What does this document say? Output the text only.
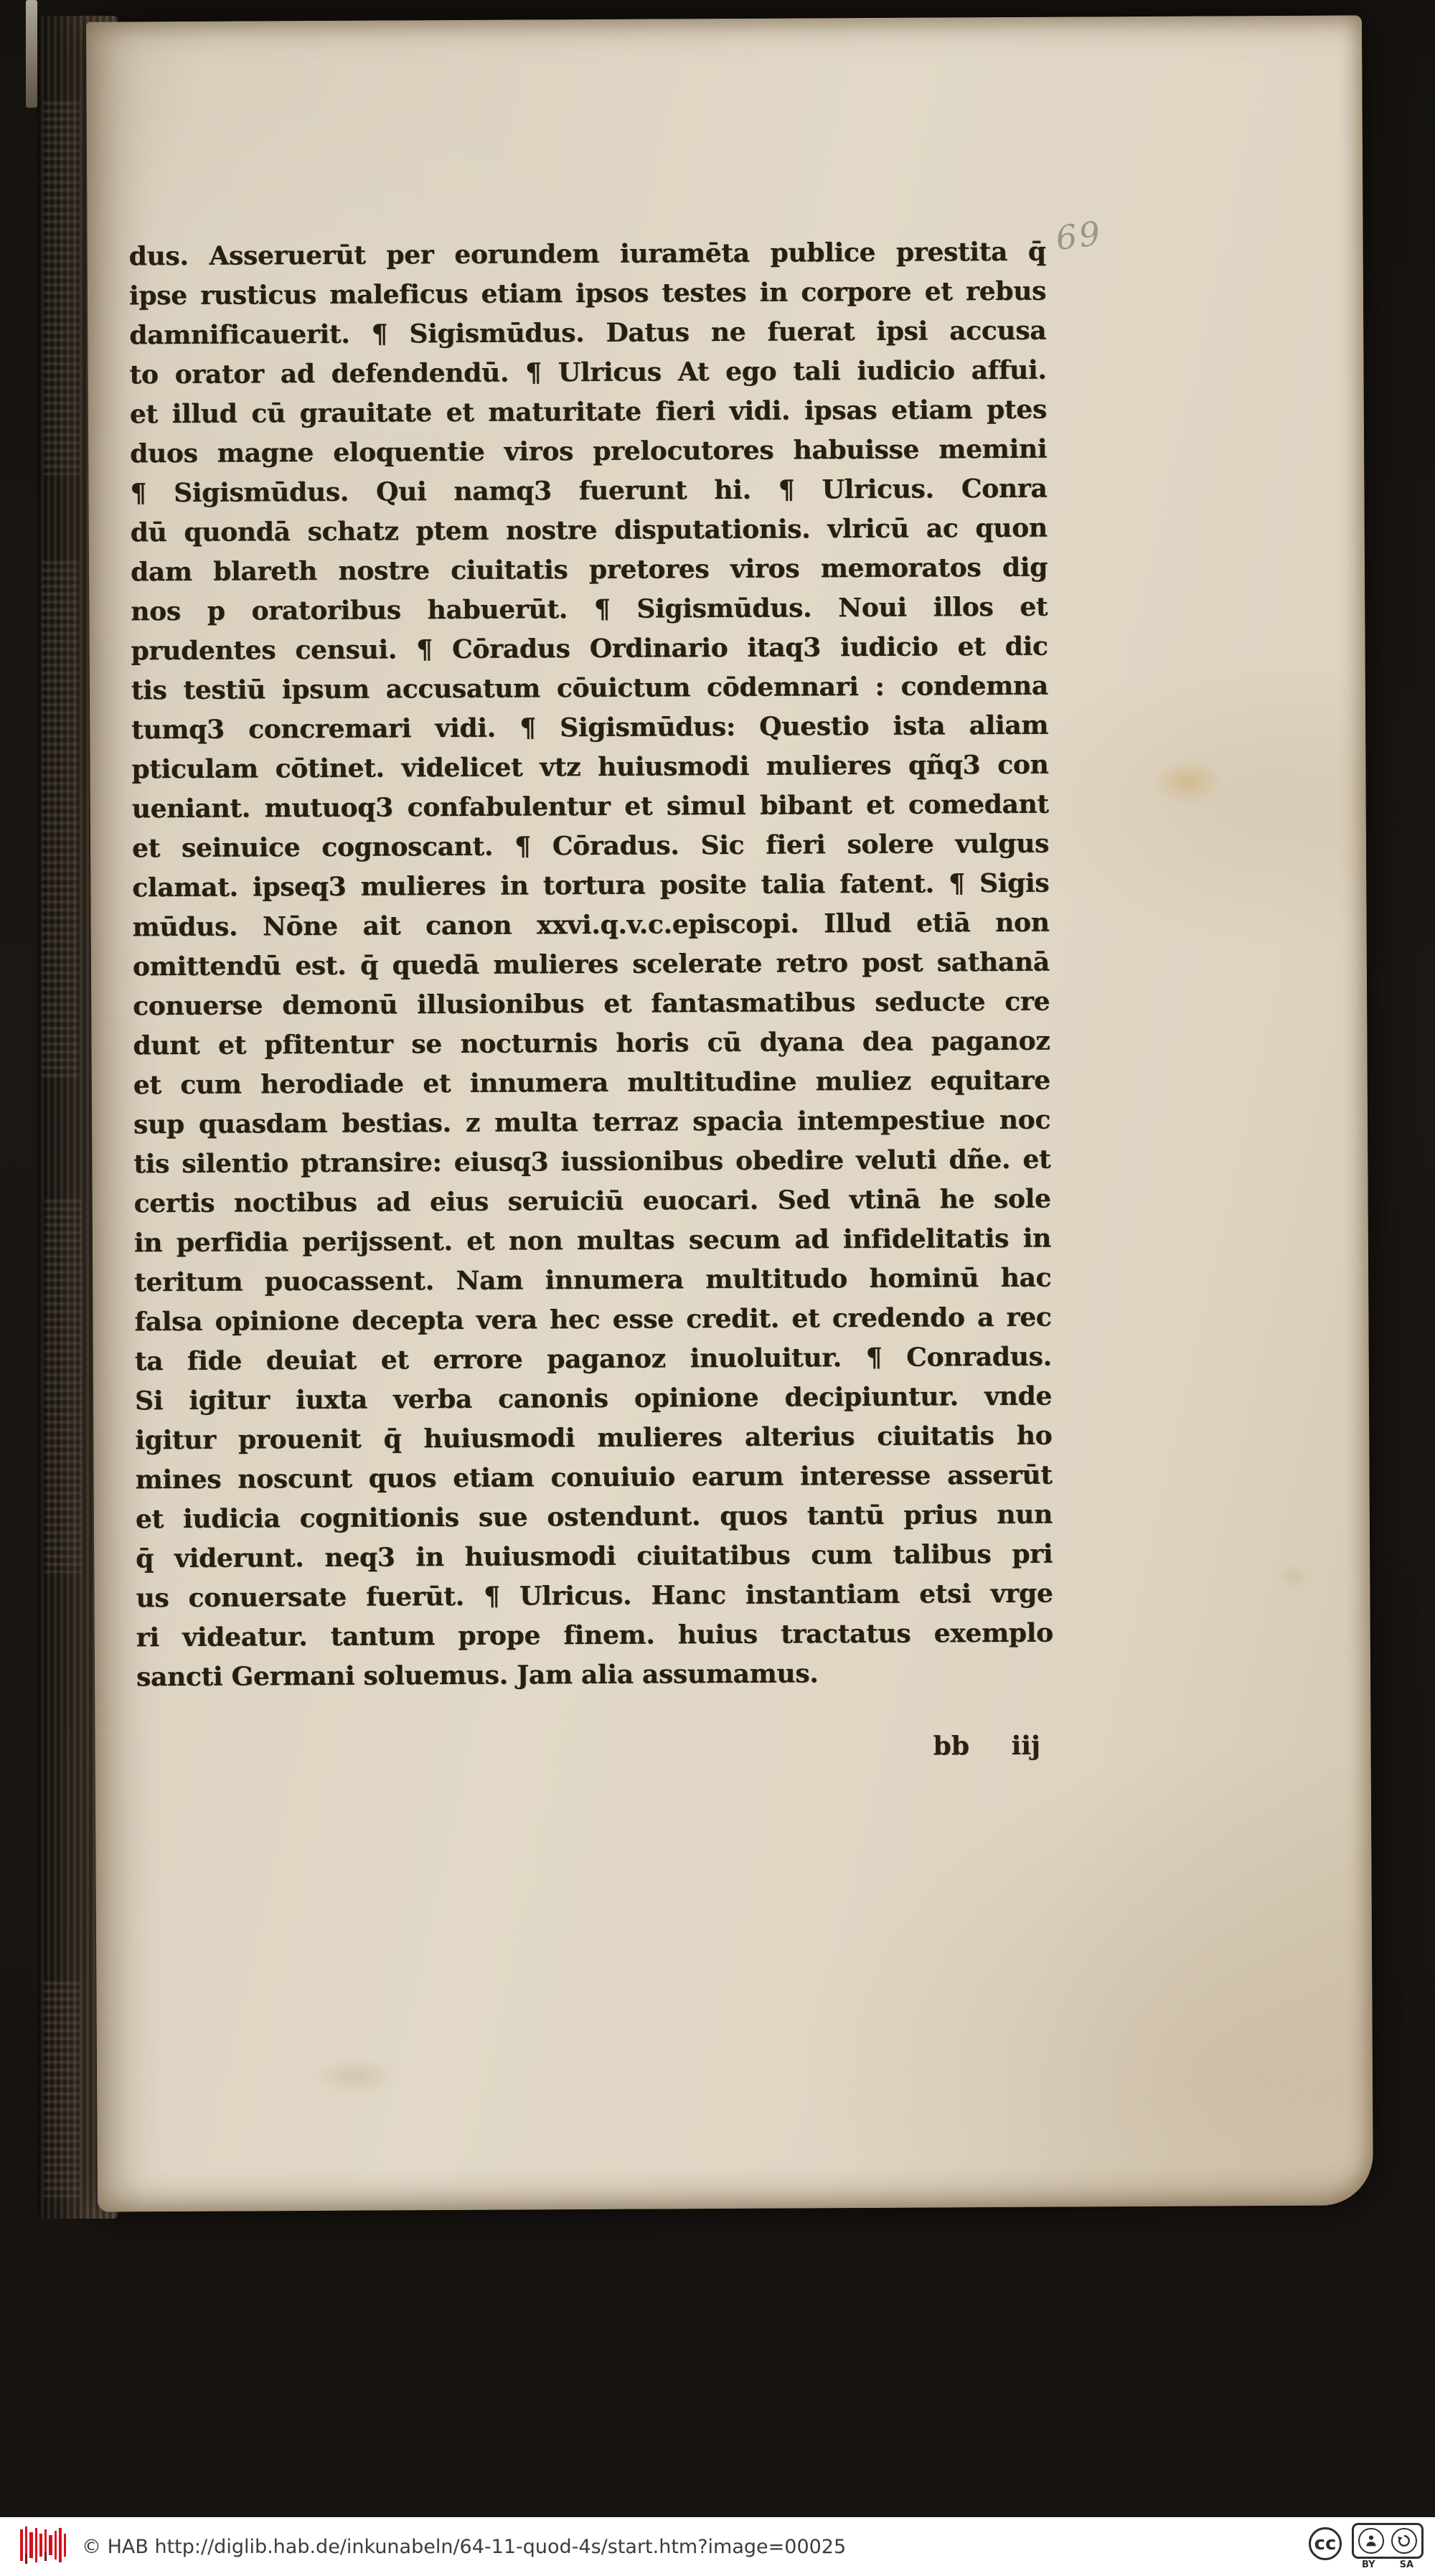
69
dus. Asseruerūt per eorundem iuramēta publice prestita q̄
ipse rusticus maleficus etiam ipsos testes in corpore et rebus
damnificauerit. ¶ Sigismūdus. Datus ne fuerat ipsi accusa
to orator ad defendendū. ¶ Ulricus At ego tali iudicio affui.
et illud cū grauitate et maturitate fieri vidi. ipsas etiam ptes
duos magne eloquentie viros prelocutores habuisse memini
¶ Sigismūdus. Qui namq3 fuerunt hi. ¶ Ulricus. Conra
dū quondā schatz ptem nostre disputationis. vlricū ac quon
dam blareth nostre ciuitatis pretores viros memoratos dig
nos p oratoribus habuerūt. ¶ Sigismūdus. Noui illos et
prudentes censui. ¶ Cōradus Ordinario itaq3 iudicio et dic
tis testiū ipsum accusatum cōuictum cōdemnari : condemna
tumq3 concremari vidi. ¶ Sigismūdus: Questio ista aliam
pticulam cōtinet. videlicet vtz huiusmodi mulieres qñq3 con
ueniant. mutuoq3 confabulentur et simul bibant et comedant
et seinuice cognoscant. ¶ Cōradus. Sic fieri solere vulgus
clamat. ipseq3 mulieres in tortura posite talia fatent. ¶ Sigis
mūdus. Nōne ait canon xxvi.q.v.c.episcopi. Illud etiā non
omittendū est. q̄ quedā mulieres scelerate retro post sathanā
conuerse demonū illusionibus et fantasmatibus seducte cre
dunt et pfitentur se nocturnis horis cū dyana dea paganoz
et cum herodiade et innumera multitudine muliez equitare
sup quasdam bestias. z multa terraz spacia intempestiue noc
tis silentio ptransire: eiusq3 iussionibus obedire veluti dñe. et
certis noctibus ad eius seruiciū euocari. Sed vtinā he sole
in perfidia perijssent. et non multas secum ad infidelitatis in
teritum puocassent. Nam innumera multitudo hominū hac
falsa opinione decepta vera hec esse credit. et credendo a rec
ta fide deuiat et errore paganoz inuoluitur. ¶ Conradus.
Si igitur iuxta verba canonis opinione decipiuntur. vnde
igitur prouenit q̄ huiusmodi mulieres alterius ciuitatis ho
mines noscunt quos etiam conuiuio earum interesse asserūt
et iudicia cognitionis sue ostendunt. quos tantū prius nun
q̄ viderunt. neq3 in huiusmodi ciuitatibus cum talibus pri
us conuersate fuerūt. ¶ Ulricus. Hanc instantiam etsi vrge
ri videatur. tantum prope finem. huius tractatus exemplo
sancti Germani soluemus. Jam alia assumamus.
bb iij
© HAB http://diglib.hab.de/inkunabeln/64-11-quod-4s/start.htm?image=00025	cc
BY	SA
